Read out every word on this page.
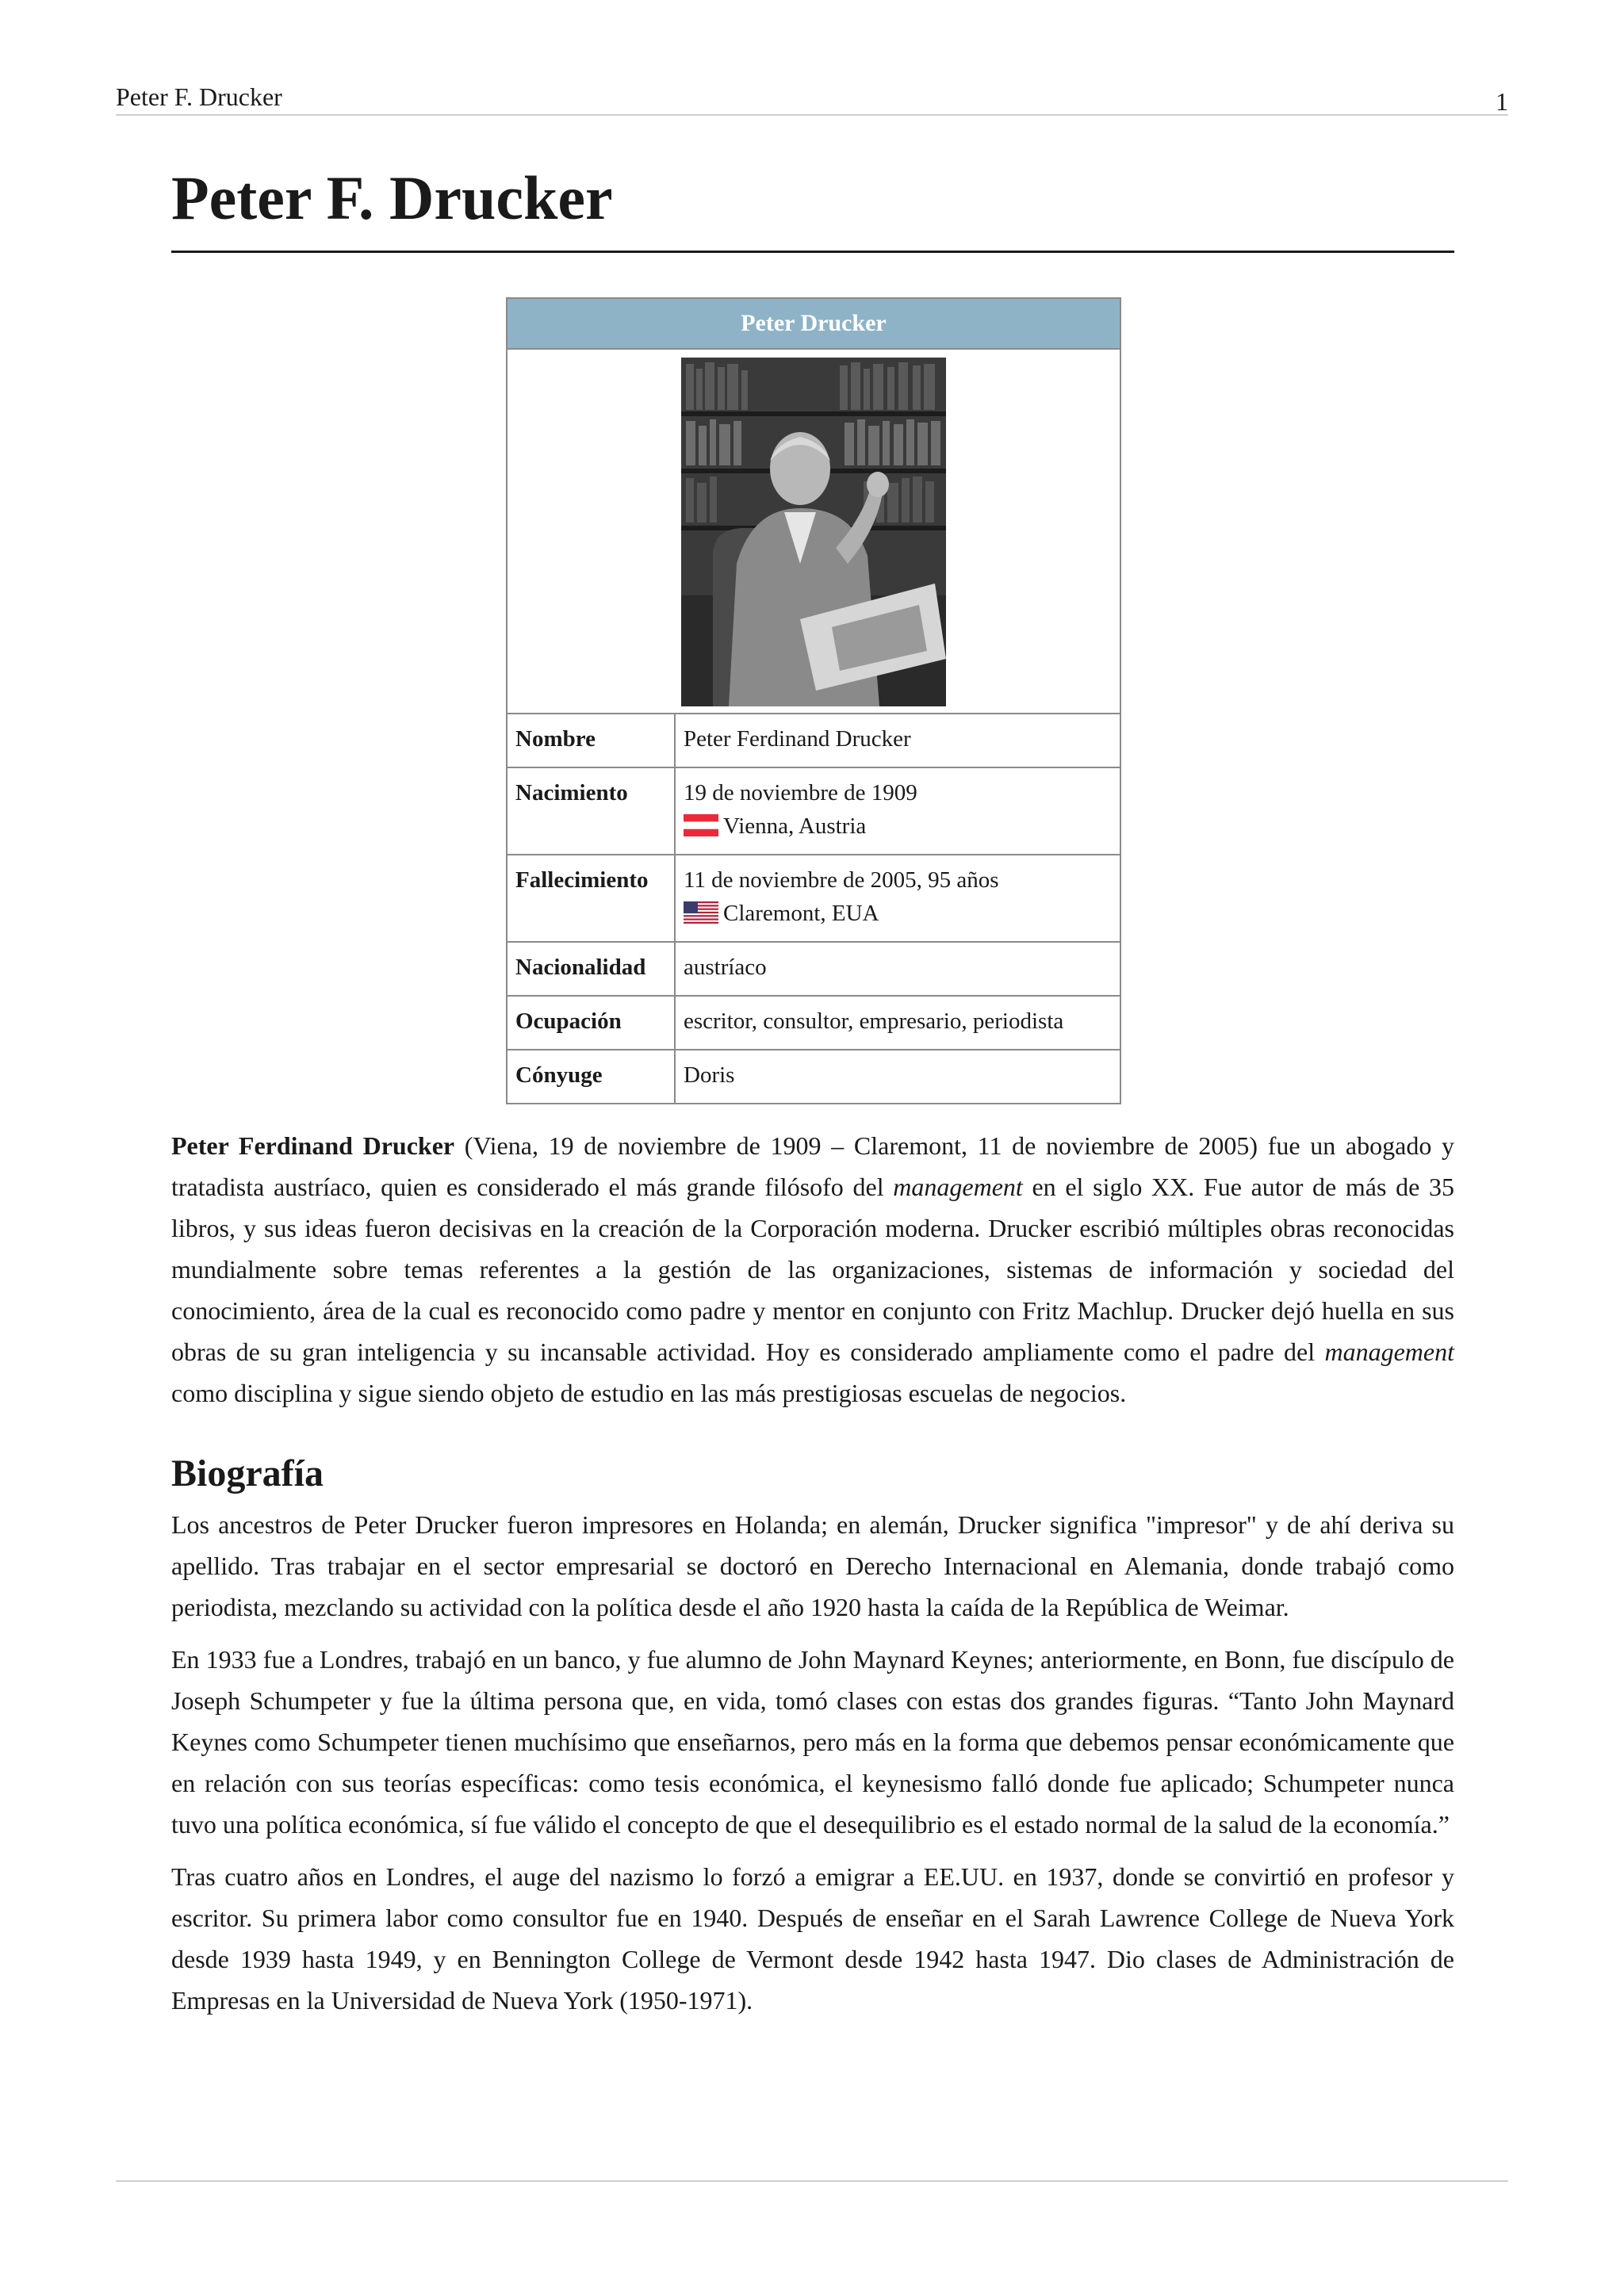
Peter F. Drucker	1
Peter F. Drucker
Peter Drucker	

Nombre	Peter Ferdinand Drucker
Nacimiento	19 de noviembre de 1909
Vienna, Austria

Fallecimiento	11 de noviembre de 2005, 95 años
Claremont, EUA

Nacionalidad	austríaco
Ocupación	escritor, consultor, empresario, periodista
Cónyuge	Doris

Peter Ferdinand Drucker (Viena, 19 de noviembre de 1909 – Claremont, 11 de noviembre de 2005) fue un abogado y tratadista austríaco, quien es considerado el más grande filósofo del management en el siglo XX. Fue autor de más de 35 libros, y sus ideas fueron decisivas en la creación de la Corporación moderna. Drucker escribió múltiples obras reconocidas mundialmente sobre temas referentes a la gestión de las organizaciones, sistemas de información y sociedad del conocimiento, área de la cual es reconocido como padre y mentor en conjunto con Fritz Machlup. Drucker dejó huella en sus obras de su gran inteligencia y su incansable actividad. Hoy es considerado ampliamente como el padre del management como disciplina y sigue siendo objeto de estudio en las más prestigiosas escuelas de negocios.

Biografía

Los ancestros de Peter Drucker fueron impresores en Holanda; en alemán, Drucker significa "impresor" y de ahí deriva su apellido. Tras trabajar en el sector empresarial se doctoró en Derecho Internacional en Alemania, donde trabajó como periodista, mezclando su actividad con la política desde el año 1920 hasta la caída de la República de Weimar.

En 1933 fue a Londres, trabajó en un banco, y fue alumno de John Maynard Keynes; anteriormente, en Bonn, fue discípulo de Joseph Schumpeter y fue la última persona que, en vida, tomó clases con estas dos grandes figuras. “Tanto John Maynard Keynes como Schumpeter tienen muchísimo que enseñarnos, pero más en la forma que debemos pensar económicamente que en relación con sus teorías específicas: como tesis económica, el keynesismo falló donde fue aplicado; Schumpeter nunca tuvo una política económica, sí fue válido el concepto de que el desequilibrio es el estado normal de la salud de la economía.”

Tras cuatro años en Londres, el auge del nazismo lo forzó a emigrar a EE.UU. en 1937, donde se convirtió en profesor y escritor. Su primera labor como consultor fue en 1940. Después de enseñar en el Sarah Lawrence College de Nueva York desde 1939 hasta 1949, y en Bennington College de Vermont desde 1942 hasta 1947. Dio clases de Administración de Empresas en la Universidad de Nueva York (1950-1971).
